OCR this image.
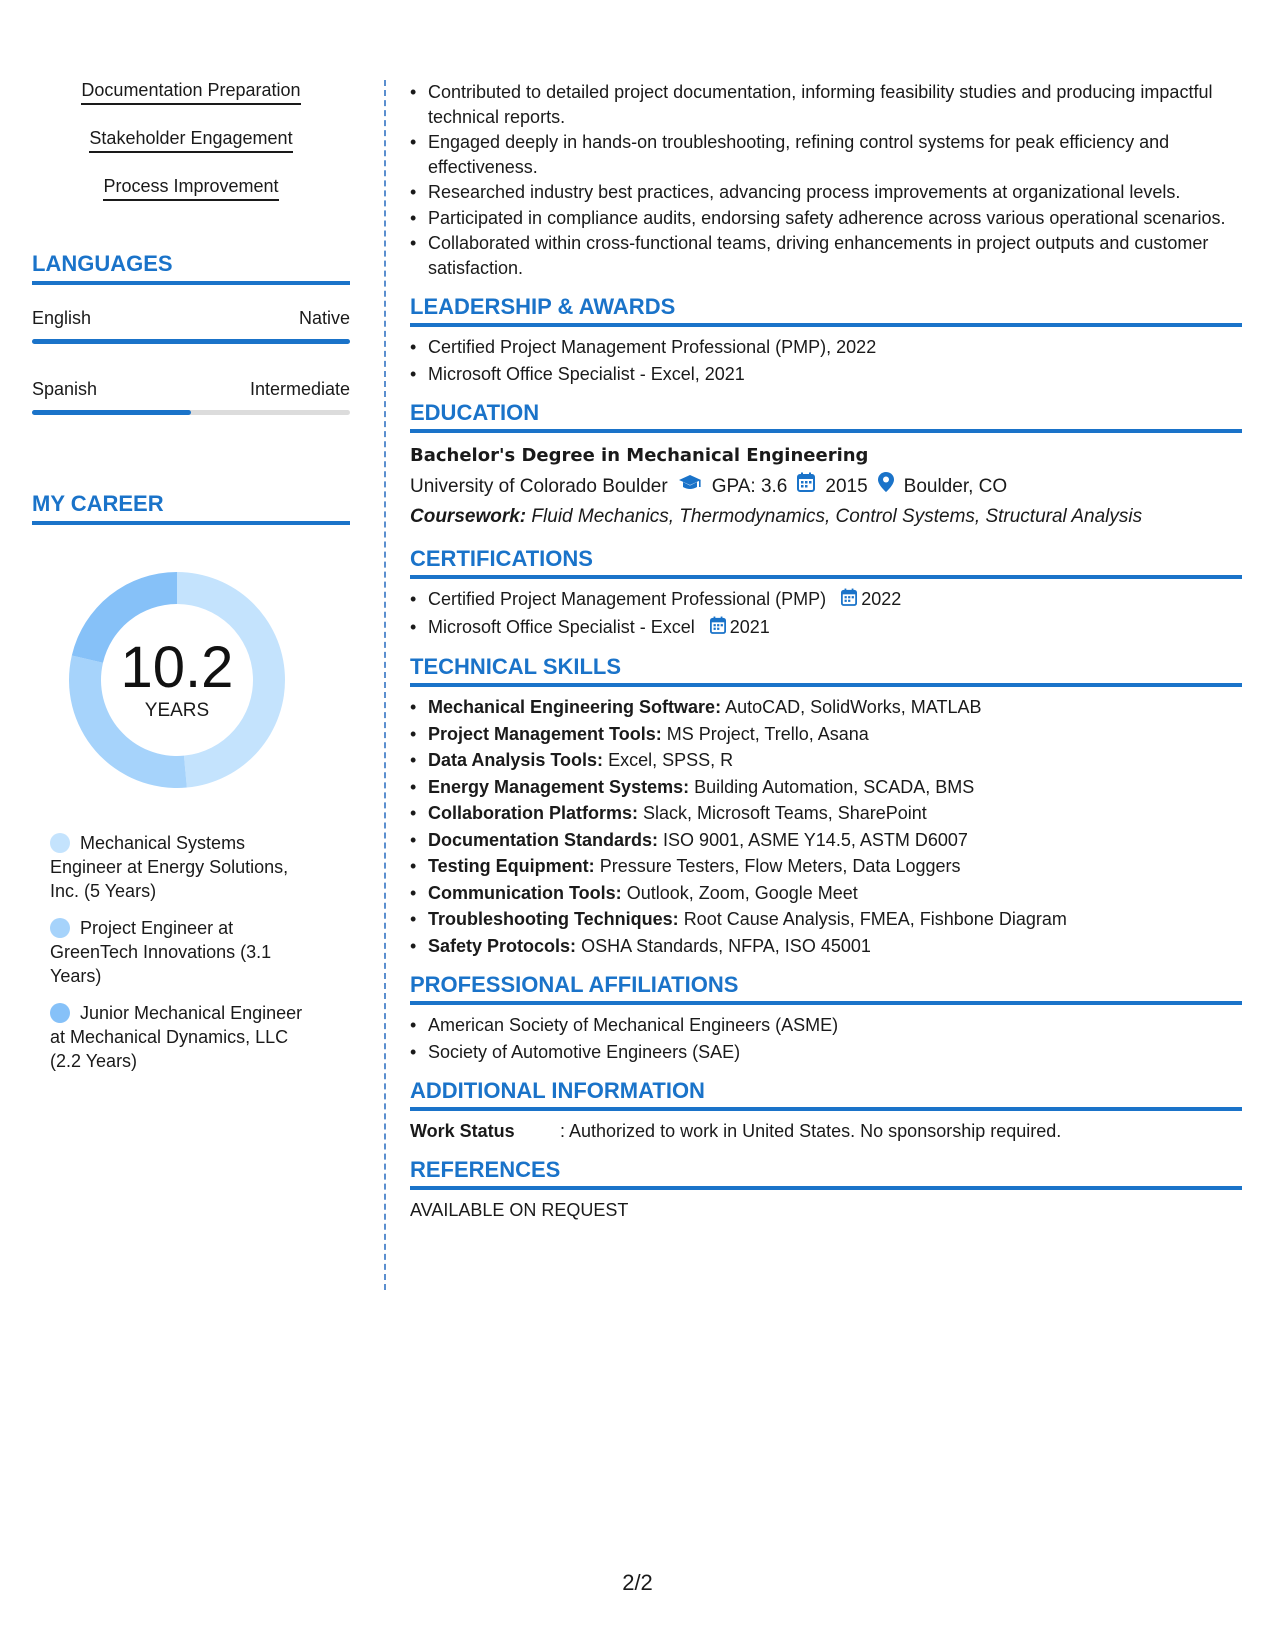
Documentation Preparation
Stakeholder Engagement
Process Improvement
LANGUAGES
English	Native
Spanish	Intermediate
MY CAREER
10.2
YEARS
Mechanical Systems Engineer at Energy Solutions, Inc. (5 Years)
Project Engineer at GreenTech Innovations (3.1 Years)
Junior Mechanical Engineer at Mechanical Dynamics, LLC (2.2 Years)
• Contributed to detailed project documentation, informing feasibility studies and producing impactful technical reports.
• Engaged deeply in hands-on troubleshooting, refining control systems for peak efficiency and effectiveness.
• Researched industry best practices, advancing process improvements at organizational levels.
• Participated in compliance audits, endorsing safety adherence across various operational scenarios.
• Collaborated within cross-functional teams, driving enhancements in project outputs and customer satisfaction.
LEADERSHIP & AWARDS
• Certified Project Management Professional (PMP), 2022
• Microsoft Office Specialist - Excel, 2021
EDUCATION
Bachelor's Degree in Mechanical Engineering
University of Colorado Boulder GPA: 3.6 2015 Boulder, CO
Coursework: Fluid Mechanics, Thermodynamics, Control Systems, Structural Analysis
CERTIFICATIONS
• Certified Project Management Professional (PMP) 2022
• Microsoft Office Specialist - Excel 2021
TECHNICAL SKILLS
• Mechanical Engineering Software: AutoCAD, SolidWorks, MATLAB
• Project Management Tools: MS Project, Trello, Asana
• Data Analysis Tools: Excel, SPSS, R
• Energy Management Systems: Building Automation, SCADA, BMS
• Collaboration Platforms: Slack, Microsoft Teams, SharePoint
• Documentation Standards: ISO 9001, ASME Y14.5, ASTM D6007
• Testing Equipment: Pressure Testers, Flow Meters, Data Loggers
• Communication Tools: Outlook, Zoom, Google Meet
• Troubleshooting Techniques: Root Cause Analysis, FMEA, Fishbone Diagram
• Safety Protocols: OSHA Standards, NFPA, ISO 45001
PROFESSIONAL AFFILIATIONS
• American Society of Mechanical Engineers (ASME)
• Society of Automotive Engineers (SAE)
ADDITIONAL INFORMATION
Work Status	: Authorized to work in United States. No sponsorship required.
REFERENCES
AVAILABLE ON REQUEST
2/2
